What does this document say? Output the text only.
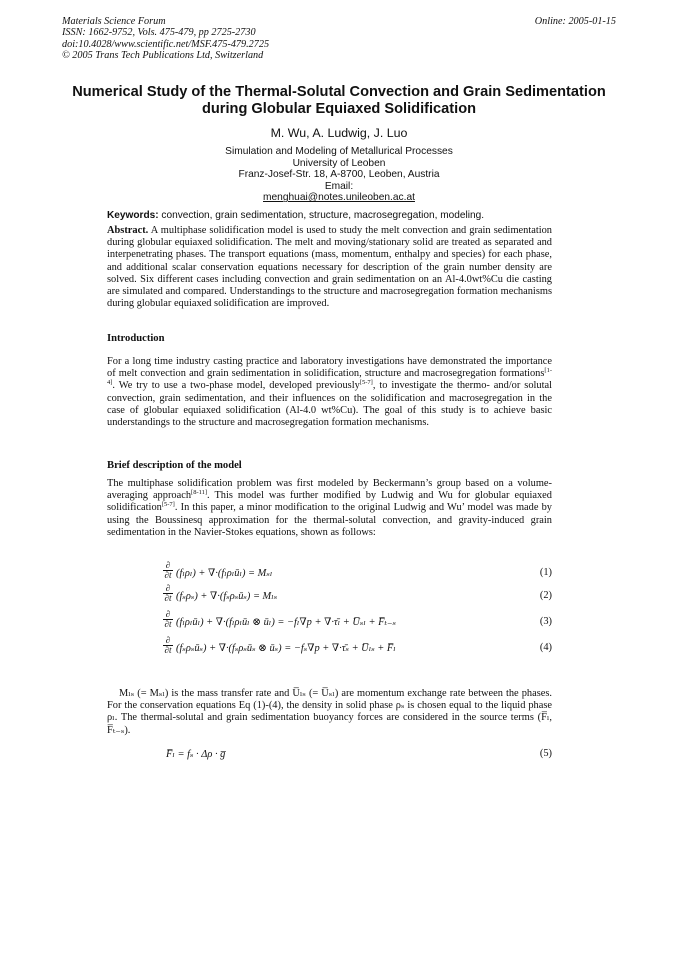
Materials Science Forum
ISSN: 1662-9752, Vols. 475-479, pp 2725-2730
doi:10.4028/www.scientific.net/MSF.475-479.2725
© 2005 Trans Tech Publications Ltd, Switzerland
Online: 2005-01-15
Numerical Study of the Thermal-Solutal Convection and Grain Sedimentation during Globular Equiaxed Solidification
M. Wu, A. Ludwig, J. Luo
Simulation and Modeling of Metallurical Processes
University of Leoben
Franz-Josef-Str. 18, A-8700, Leoben, Austria
Email:
menghuai@notes.unileoben.ac.at
Keywords: convection, grain sedimentation, structure, macrosegregation, modeling.
Abstract. A multiphase solidification model is used to study the melt convection and grain sedimentation during globular equiaxed solidification. The melt and moving/stationary solid are treated as separated and interpenetrating phases. The transport equations (mass, momentum, enthalpy and species) for each phase, and additional scalar conservation equations necessary for description of the grain number density are solved. Six different cases including convection and grain sedimentation on an Al-4.0wt%Cu die casting are simulated and compared. Understandings to the structure and macrosegregation formation mechanisms during globular equiaxed solidification are improved.
Introduction
For a long time industry casting practice and laboratory investigations have demonstrated the importance of melt convection and grain sedimentation in solidification, structure and macrosegregation formations[1-4]. We try to use a two-phase model, developed previously[5-7], to investigate the thermo- and/or solutal convection, grain sedimentation, and their influences on the solidification and macrosegregation in the case of globular equiaxed solidification (Al-4.0 wt%Cu). The goal of this study is to achieve basic understandings to the structure and macrosegregation formation mechanisms.
Brief description of the model
The multiphase solidification problem was first modeled by Beckermann’s group based on a volume-averaging approach[8-11]. This model was further modified by Ludwig and Wu for globular equiaxed solidification[5-7]. In this paper, a minor modification to the original Ludwig and Wu’ model was made by using the Boussinesq approximation for the thermal-solutal convection, and gravity-induced grain sedimentation in the Navier-Stokes equations, shown as follows:
∂
∂t (fₗρₗ) + ∇·(fₗρₗūₗ) = Mₛₗ	(1)
∂
∂t (fₛρₛ) + ∇·(fₛρₛūₛ) = Mₗₛ	(2)
∂
∂t (fₗρₗūₗ) + ∇·(fₗρₗūₗ ⊗ ūₗ) = −fₗ∇p + ∇·τ̄ₗ + U̅ₛₗ + F̅ₜ₋ₛ	(3)
∂
∂t (fₛρₛūₛ) + ∇·(fₛρₛūₛ ⊗ ūₛ) = −fₛ∇p + ∇·τ̄ₛ + U̅ₗₛ + F̅ₗ	(4)
Mₗₛ (= Mₛₗ) is the mass transfer rate and U̅ₗₛ (= U̅ₛₗ) are momentum exchange rate between the phases. For the conservation equations Eq (1)-(4), the density in solid phase ρₛ is chosen equal to the liquid phase ρₗ. The thermal-solutal and grain sedimentation buoyancy forces are considered in the source terms (F̅ₗ, F̅ₜ₋ₛ).
F̅ₗ = fₛ · Δρ · g̅	(5)
